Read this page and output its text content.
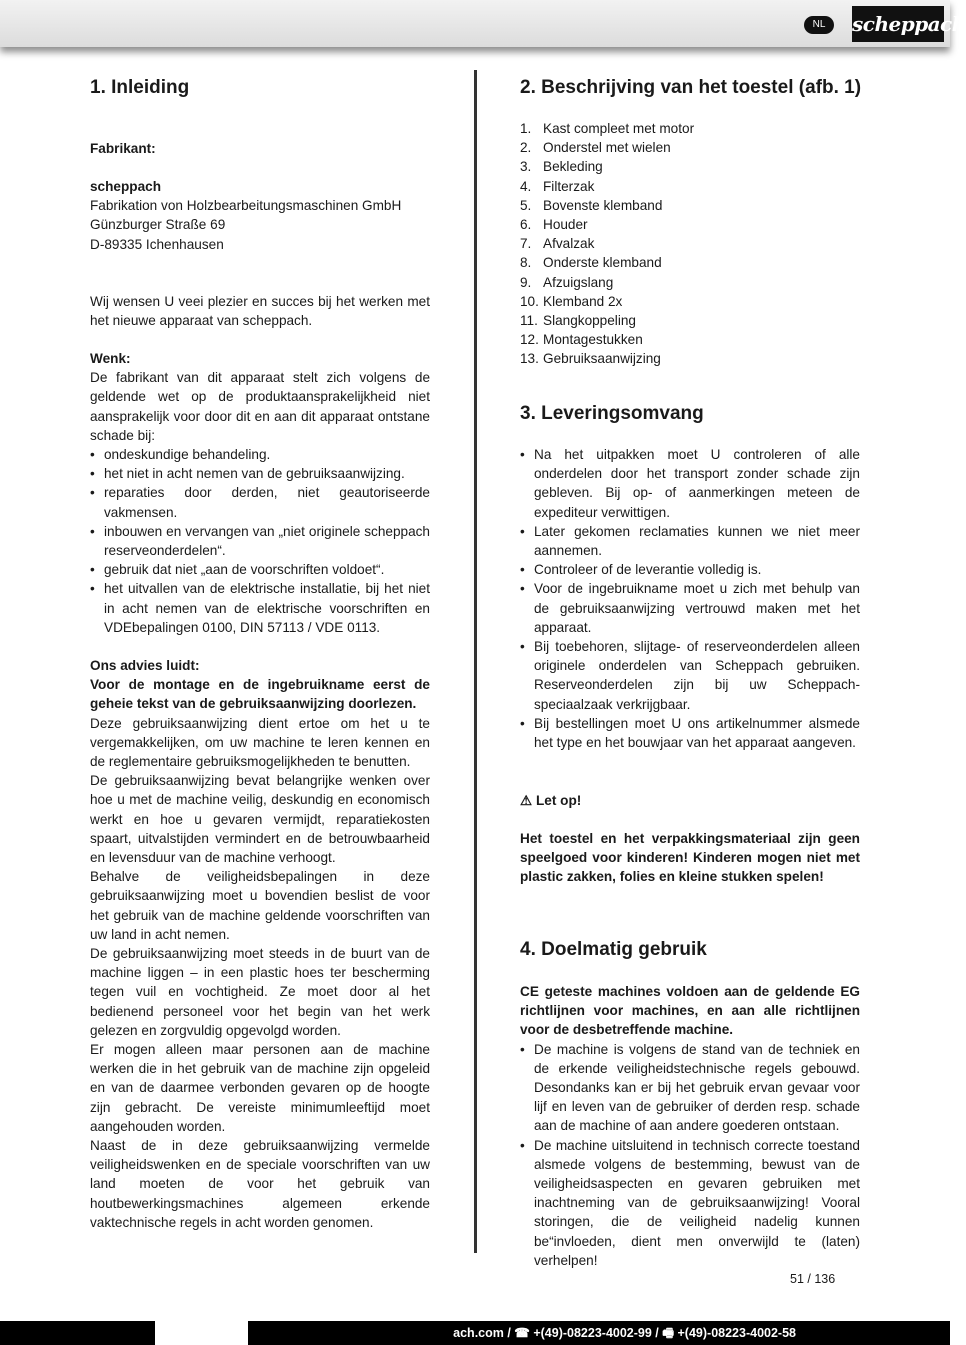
NL	scheppach
1. Inleiding

Fabrikant:

scheppach

Fabrikation von Holzbearbeitungsmaschinen GmbH

Günzburger Straße 69

D-89335 Ichenhausen

Wij wensen U veei plezier en succes bij het werken met het nieuwe apparaat van scheppach.

Wenk:

De fabrikant van dit apparaat stelt zich volgens de geldende wet op de produktaansprakelijkheid niet aansprakelijk voor door dit en aan dit apparaat ontstane schade bij:

• ondeskundige behandeling.
• het niet in acht nemen van de gebruiksaanwijzing.
• reparaties door derden, niet geautoriseerde vakmensen.
• inbouwen en vervangen van „niet originele scheppach reserveonderdelen“.
• gebruik dat niet „aan de voorschriften voldoet“.
• het uitvallen van de elektrische installatie, bij het niet in acht nemen van de elektrische voorschriften en VDEbepalingen 0100, DIN 57113 / VDE 0113.

Ons advies luidt:

Voor de montage en de ingebruikname eerst de geheie tekst van de gebruiksaanwijzing doorlezen.

Deze gebruiksaanwijzing dient ertoe om het u te vergemakkelijken, om uw machine te leren kennen en de reglementaire gebruiksmogelijkheden te benutten.

De gebruiksaanwijzing bevat belangrijke wenken over hoe u met de machine veilig, deskundig en economisch werkt en hoe u gevaren vermijdt, reparatiekosten spaart, uitvalstijden vermindert en de betrouwbaarheid en levensduur van de machine verhoogt.

Behalve de veiligheidsbepalingen in deze gebruiksaanwijzing moet u bovendien beslist de voor het gebruik van de machine geldende voorschriften van uw land in acht nemen.

De gebruiksaanwijzing moet steeds in de buurt van de machine liggen – in een plastic hoes ter bescherming tegen vuil en vochtigheid. Ze moet door al het bedienend personeel voor het begin van het werk gelezen en zorgvuldig opgevolgd worden.

Er mogen alleen maar personen aan de machine werken die in het gebruik van de machine zijn opgeleid en van de daarmee verbonden gevaren op de hoogte zijn gebracht. De vereiste minimumleeftijd moet aangehouden worden.

Naast de in deze gebruiksaanwijzing vermelde veiligheidswenken en de speciale voorschriften van uw land moeten de voor het gebruik van houtbewerkingsmachines algemeen erkende vaktechnische regels in acht worden genomen.

2. Beschrijving van het toestel (afb. 1)
1. Kast compleet met motor
2. Onderstel met wielen
3. Bekleding
4. Filterzak
5. Bovenste klemband
6. Houder
7. Afvalzak
8. Onderste klemband
9. Afzuigslang
10. Klemband 2x
11. Slangkoppeling
12. Montagestukken
13. Gebruiksaanwijzing
3. Leveringsomvang
• Na het uitpakken moet U controleren of alle onderdelen door het transport zonder schade zijn gebleven. Bij op- of aanmerkingen meteen de expediteur verwittigen.
• Later gekomen reclamaties kunnen we niet meer aannemen.
• Controleer of de leverantie volledig is.
• Voor de ingebruikname moet u zich met behulp van de gebruiksaanwijzing vertrouwd maken met het apparaat.
• Bij toebehoren, slijtage- of reserveonderdelen alleen originele onderdelen van Scheppach gebruiken. Reserveonderdelen zijn bij uw Scheppach-speciaalzaak verkrijgbaar.
• Bij bestellingen moet U ons artikelnummer alsmede het type en het bouwjaar van het apparaat aangeven.

⚠ Let op!

Het toestel en het verpakkingsmateriaal zijn geen speelgoed voor kinderen! Kinderen mogen niet met plastic zakken, folies en kleine stukken spelen!

4. Doelmatig gebruik

CE geteste machines voldoen aan de geldende EG richtlijnen voor machines, en aan alle richtlijnen voor de desbetreffende machine.

• De machine is volgens de stand van de techniek en de erkende veiligheidstechnische regels gebouwd. Desondanks kan er bij het gebruik ervan gevaar voor lijf en leven van de gebruiker of derden resp. schade aan de machine of aan andere goederen ontstaan.
• De machine uitsluitend in technisch correcte toestand alsmede volgens de bestemming, bewust van de veiligheidsaspecten en gevaren gebruiken met inachtneming van de gebruiksaanwijzing! Vooral storingen, die de veiligheid nadelig kunnen be“invloeden, dient men onverwijld te (laten) verhelpen!
51 / 136
ach.com / ☎ +(49)-08223-4002-99 / 🖷 +(49)-08223-4002-58
